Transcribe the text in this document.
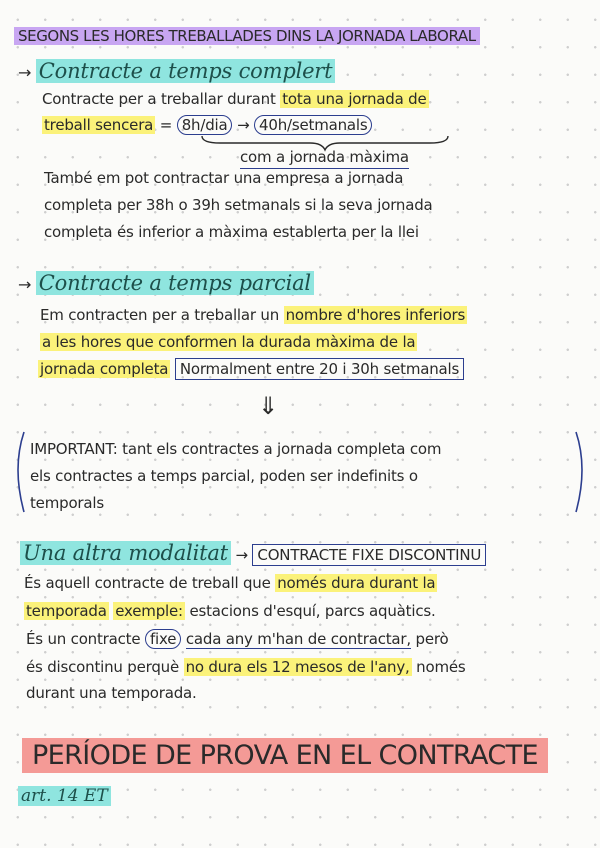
SEGONS LES HORES TREBALLADES DINS LA JORNADA LABORAL
→ Contracte a temps complert
Contracte per a treballar durant tota una jornada de
treball sencera = 8h/dia → 40h/setmanals
com a jornada màxima
També em pot contractar una empresa a jornada
completa per 38h o 39h setmanals si la seva jornada
completa és inferior a màxima establerta per la llei
→ Contracte a temps parcial
Em contracten per a treballar un nombre d'hores inferiors
a les hores que conformen la durada màxima de la
jornada completa Normalment entre 20 i 30h setmanals
⇓
IMPORTANT: tant els contractes a jornada completa com
els contractes a temps parcial, poden ser indefinits o
temporals
Una altra modalitat → CONTRACTE FIXE DISCONTINU
És aquell contracte de treball que només dura durant la
temporada exemple: estacions d'esquí, parcs aquàtics.
És un contracte fixe cada any m'han de contractar, però
és discontinu perquè no dura els 12 mesos de l'any, només
durant una temporada.
PERÍODE DE PROVA EN EL CONTRACTE
art. 14 ET
